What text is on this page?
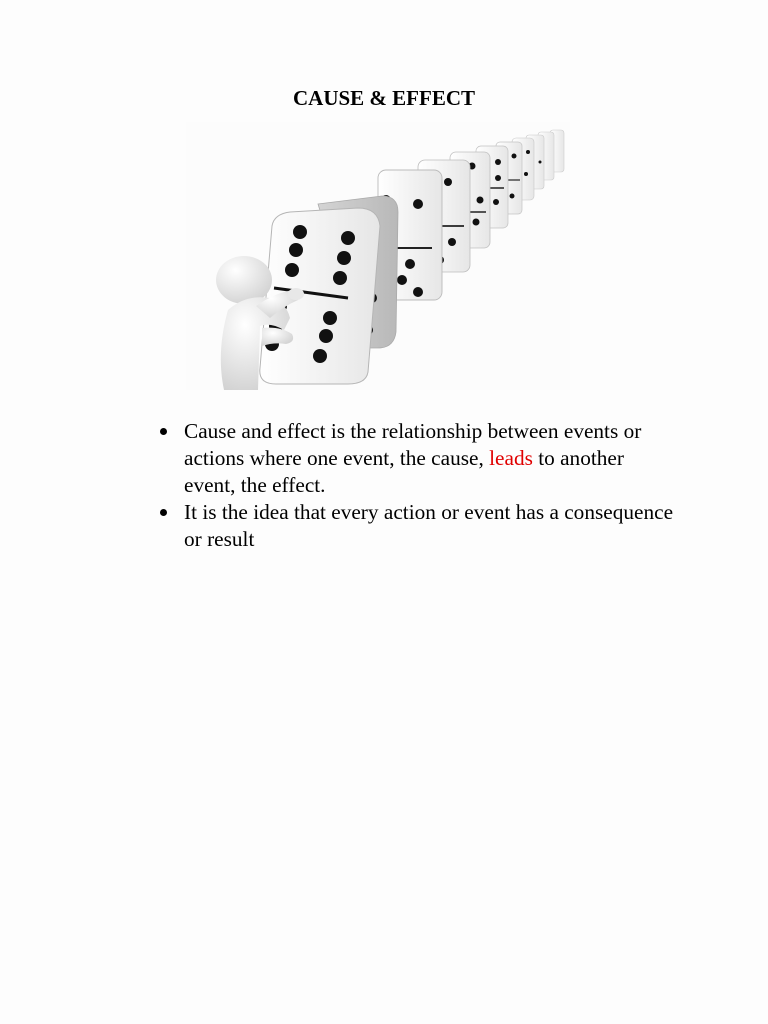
CAUSE & EFFECT
Cause and effect is the relationship between events or actions where one event, the cause, leads to another event, the effect.
It is the idea that every action or event has a consequence or result
